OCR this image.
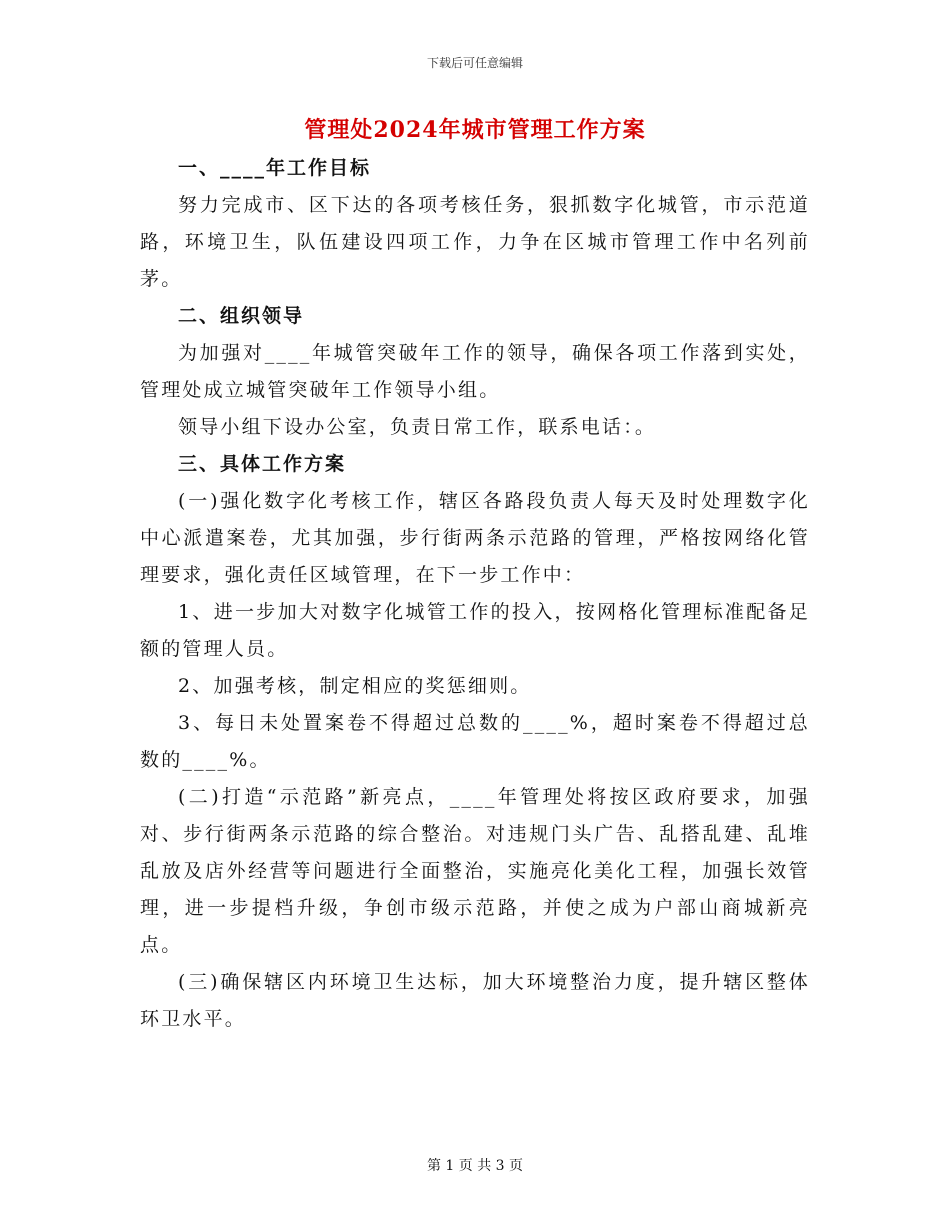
下载后可任意编辑
管理处2024年城市管理工作方案
一、____年工作目标

努力完成市、区下达的各项考核任务，狠抓数字化城管，市示范道路，环境卫生，队伍建设四项工作，力争在区城市管理工作中名列前茅。

二、组织领导

为加强对____年城管突破年工作的领导，确保各项工作落到实处，管理处成立城管突破年工作领导小组。

领导小组下设办公室，负责日常工作，联系电话：。

三、具体工作方案

(一)强化数字化考核工作，辖区各路段负责人每天及时处理数字化中心派遣案卷，尤其加强，步行街两条示范路的管理，严格按网络化管理要求，强化责任区域管理，在下一步工作中：

1、进一步加大对数字化城管工作的投入，按网格化管理标准配备足额的管理人员。

2、加强考核，制定相应的奖惩细则。

3、每日未处置案卷不得超过总数的____%，超时案卷不得超过总数的____%。

(二)打造“示范路”新亮点，____年管理处将按区政府要求，加强对、步行街两条示范路的综合整治。对违规门头广告、乱搭乱建、乱堆乱放及店外经营等问题进行全面整治，实施亮化美化工程，加强长效管理，进一步提档升级，争创市级示范路，并使之成为户部山商城新亮点。

(三)确保辖区内环境卫生达标，加大环境整治力度，提升辖区整体环卫水平。

第 1 页 共 3 页
